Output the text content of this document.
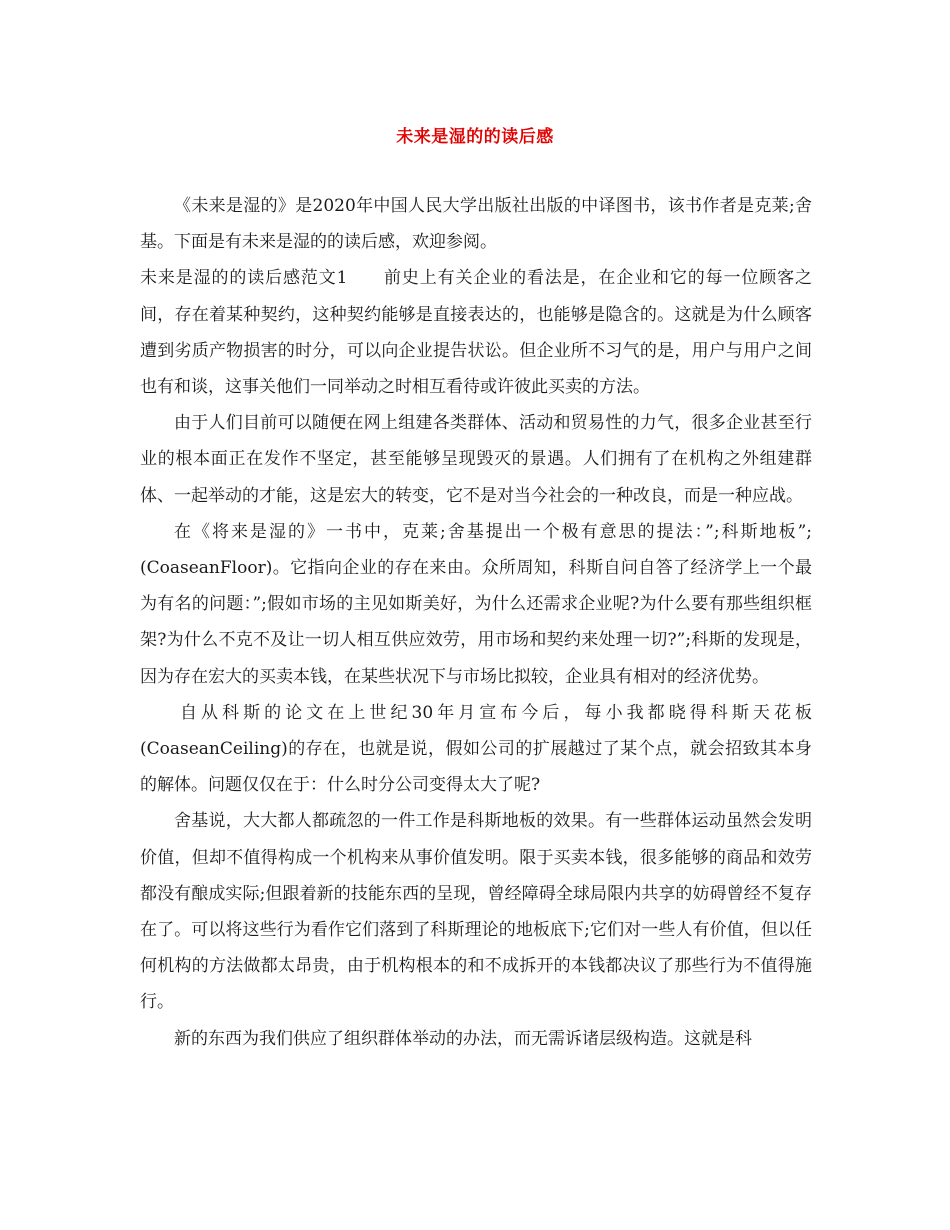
未来是湿的的读后感

《未来是湿的》是2020年中国人民大学出版社出版的中译图书，该书作者是克莱;舍基。下面是有未来是湿的的读后感，欢迎参阅。

未来是湿的的读后感范文1　　前史上有关企业的看法是，在企业和它的每一位顾客之间，存在着某种契约，这种契约能够是直接表达的，也能够是隐含的。这就是为什么顾客遭到劣质产物损害的时分，可以向企业提告状讼。但企业所不习气的是，用户与用户之间也有和谈，这事关他们一同举动之时相互看待或许彼此买卖的方法。

由于人们目前可以随便在网上组建各类群体、活动和贸易性的力气，很多企业甚至行业的根本面正在发作不坚定，甚至能够呈现毁灭的景遇。人们拥有了在机构之外组建群体、一起举动的才能，这是宏大的转变，它不是对当今社会的一种改良，而是一种应战。

在《将来是湿的》一书中，克莱;舍基提出一个极有意思的提法：”;科斯地板”;(CoaseanFloor)。它指向企业的存在来由。众所周知，科斯自问自答了经济学上一个最为有名的问题：”;假如市场的主见如斯美好，为什么还需求企业呢?为什么要有那些组织框架?为什么不克不及让一切人相互供应效劳，用市场和契约来处理一切?”;科斯的发现是，因为存在宏大的买卖本钱，在某些状况下与市场比拟较，企业具有相对的经济优势。

自从科斯的论文在上世纪30年月宣布今后，每小我都晓得科斯天花板(CoaseanCeiling)的存在，也就是说，假如公司的扩展越过了某个点，就会招致其本身的解体。问题仅仅在于：什么时分公司变得太大了呢?

舍基说，大大都人都疏忽的一件工作是科斯地板的效果。有一些群体运动虽然会发明价值，但却不值得构成一个机构来从事价值发明。限于买卖本钱，很多能够的商品和效劳都没有酿成实际;但跟着新的技能东西的呈现，曾经障碍全球局限内共享的妨碍曾经不复存在了。可以将这些行为看作它们落到了科斯理论的地板底下;它们对一些人有价值，但以任何机构的方法做都太昂贵，由于机构根本的和不成拆开的本钱都决议了那些行为不值得施行。

新的东西为我们供应了组织群体举动的办法，而无需诉诸层级构造。这就是科
